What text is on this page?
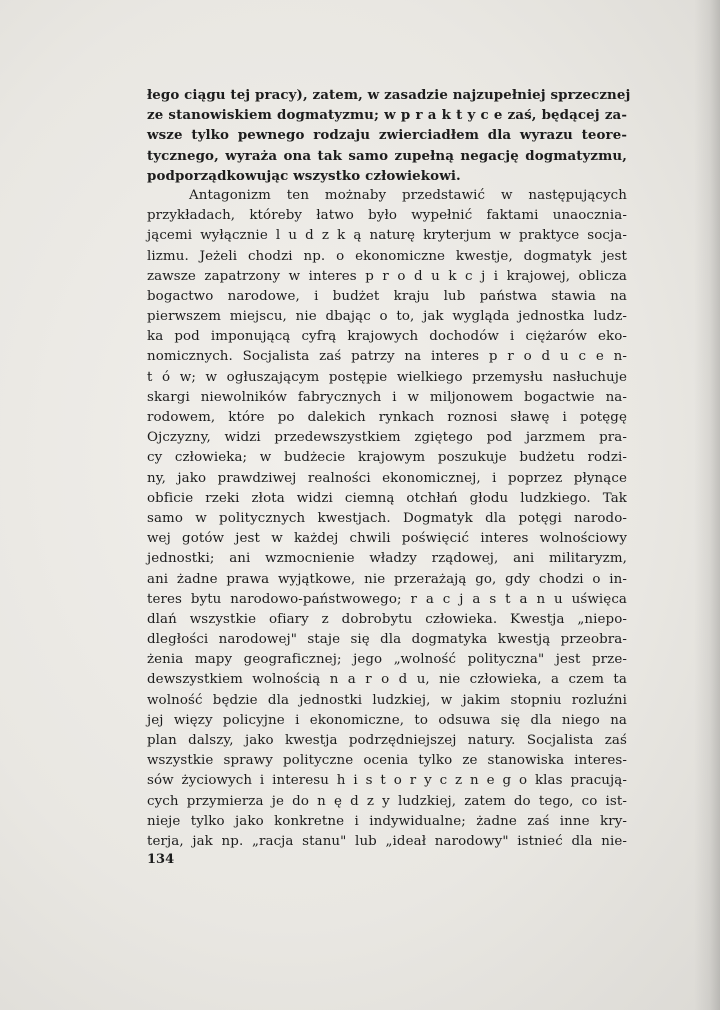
łego ciągu tej pracy), zatem, w zasadzie najzupełniej sprzecznej
ze stanowiskiem dogmatyzmu; w p r a k t y c e zaś, będącej za-
wsze tylko pewnego rodzaju zwierciadłem dla wyrazu teore-
tycznego, wyraża ona tak samo zupełną negację dogmatyzmu,
podporządkowując wszystko człowiekowi.
Antagonizm ten możnaby przedstawić w następujących
przykładach, któreby łatwo było wypełnić faktami unaocznia-
jącemi wyłącznie l u d z k ą naturę kryterjum w praktyce socja-
lizmu. Jeżeli chodzi np. o ekonomiczne kwestje, dogmatyk jest
zawsze zapatrzony w interes p r o d u k c j i krajowej, oblicza
bogactwo narodowe, i budżet kraju lub państwa stawia na
pierwszem miejscu, nie dbając o to, jak wygląda jednostka ludz-
ka pod imponującą cyfrą krajowych dochodów i ciężarów eko-
nomicznych. Socjalista zaś patrzy na interes p r o d u c e n-
t ó w; w ogłuszającym postępie wielkiego przemysłu nasłuchuje
skargi niewolników fabrycznych i w miljonowem bogactwie na-
rodowem, które po dalekich rynkach roznosi sławę i potęgę
Ojczyzny, widzi przedewszystkiem zgiętego pod jarzmem pra-
cy człowieka; w budżecie krajowym poszukuje budżetu rodzi-
ny, jako prawdziwej realności ekonomicznej, i poprzez płynące
obficie rzeki złota widzi ciemną otchłań głodu ludzkiego. Tak
samo w politycznych kwestjach. Dogmatyk dla potęgi narodo-
wej gotów jest w każdej chwili poświęcić interes wolnościowy
jednostki; ani wzmocnienie władzy rządowej, ani militaryzm,
ani żadne prawa wyjątkowe, nie przerażają go, gdy chodzi o in-
teres bytu narodowo-państwowego; r a c j a s t a n u uświęca
dlań wszystkie ofiary z dobrobytu człowieka. Kwestja „niepo-
dległości narodowej" staje się dla dogmatyka kwestją przeobra-
żenia mapy geograficznej; jego „wolność polityczna" jest prze-
dewszystkiem wolnością n a r o d u, nie człowieka, a czem ta
wolność będzie dla jednostki ludzkiej, w jakim stopniu rozluźni
jej więzy policyjne i ekonomiczne, to odsuwa się dla niego na
plan dalszy, jako kwestja podrzędniejszej natury. Socjalista zaś
wszystkie sprawy polityczne ocenia tylko ze stanowiska interes-
sów życiowych i interesu h i s t o r y c z n e g o klas pracują-
cych przymierza je do n ę d z y ludzkiej, zatem do tego, co ist-
nieje tylko jako konkretne i indywidualne; żadne zaś inne kry-
terja, jak np. „racja stanu" lub „ideał narodowy" istnieć dla nie-
134
